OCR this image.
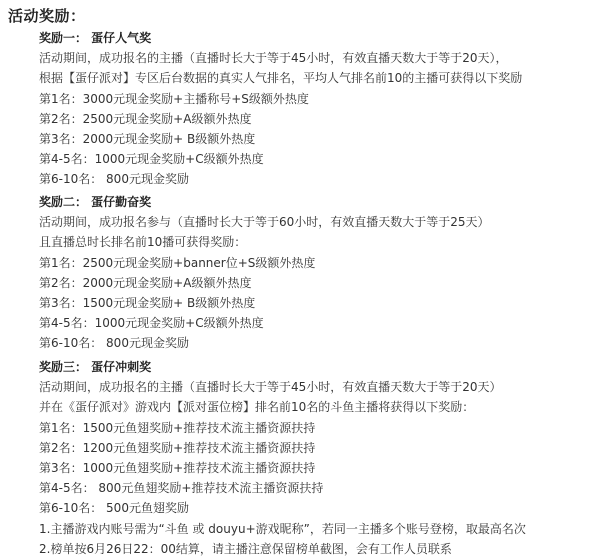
活动奖励：
奖励一： 蛋仔人气奖
活动期间，成功报名的主播（直播时长大于等于45小时，有效直播天数大于等于20天），
根据【蛋仔派对】专区后台数据的真实人气排名，平均人气排名前10的主播可获得以下奖励
第1名：3000元现金奖励+主播称号+S级额外热度
第2名：2500元现金奖励+A级额外热度
第3名：2000元现金奖励+ B级额外热度
第4-5名：1000元现金奖励+C级额外热度
第6-10名： 800元现金奖励
奖励二： 蛋仔勤奋奖
活动期间，成功报名参与（直播时长大于等于60小时，有效直播天数大于等于25天）
且直播总时长排名前10播可获得奖励：
第1名：2500元现金奖励+banner位+S级额外热度
第2名：2000元现金奖励+A级额外热度
第3名：1500元现金奖励+ B级额外热度
第4-5名：1000元现金奖励+C级额外热度
第6-10名： 800元现金奖励
奖励三： 蛋仔冲刺奖
活动期间，成功报名的主播（直播时长大于等于45小时，有效直播天数大于等于20天）
并在《蛋仔派对》游戏内【派对蛋位榜】排名前10名的斗鱼主播将获得以下奖励：
第1名：1500元鱼翅奖励+推荐技术流主播资源扶持
第2名：1200元鱼翅奖励+推荐技术流主播资源扶持
第3名：1000元鱼翅奖励+推荐技术流主播资源扶持
第4-5名： 800元鱼翅奖励+推荐技术流主播资源扶持
第6-10名： 500元鱼翅奖励
1.主播游戏内账号需为“斗鱼 或 douyu+游戏昵称”，若同一主播多个账号登榜，取最高名次
2.榜单按6月26日22：00结算，请主播注意保留榜单截图，会有工作人员联系
